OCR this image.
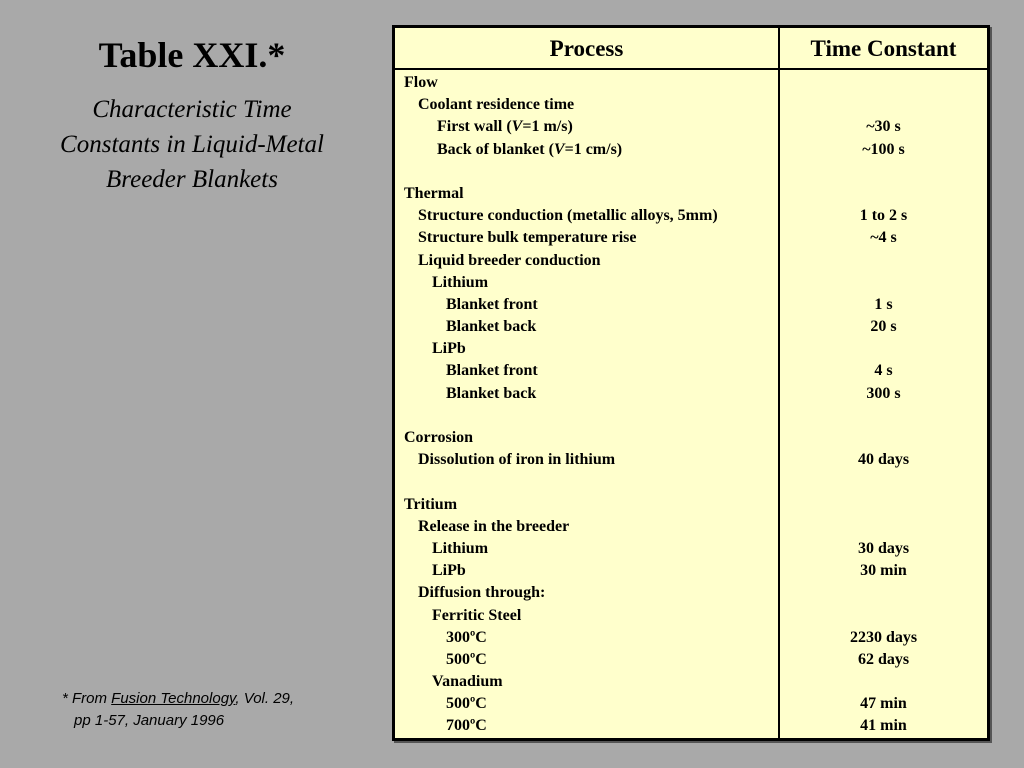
Table XXI.*
Characteristic Time Constants in Liquid-Metal Breeder Blankets
Process	Time Constant
Flow
Coolant residence time
First wall (V=1 m/s)	~30 s
Back of blanket (V=1 cm/s)	~100 s
Thermal
Structure conduction (metallic alloys, 5mm)	1 to 2 s
Structure bulk temperature rise	~4 s
Liquid breeder conduction
Lithium
Blanket front	1 s
Blanket back	20 s
LiPb
Blanket front	4 s
Blanket back	300 s
Corrosion
Dissolution of iron in lithium	40 days
Tritium
Release in the breeder
Lithium	30 days
LiPb	30 min
Diffusion through:
Ferritic Steel
300ºC	2230 days
500ºC	62 days
Vanadium
500ºC	47 min
700ºC	41 min
* From Fusion Technology, Vol. 29,
pp 1-57, January 1996
